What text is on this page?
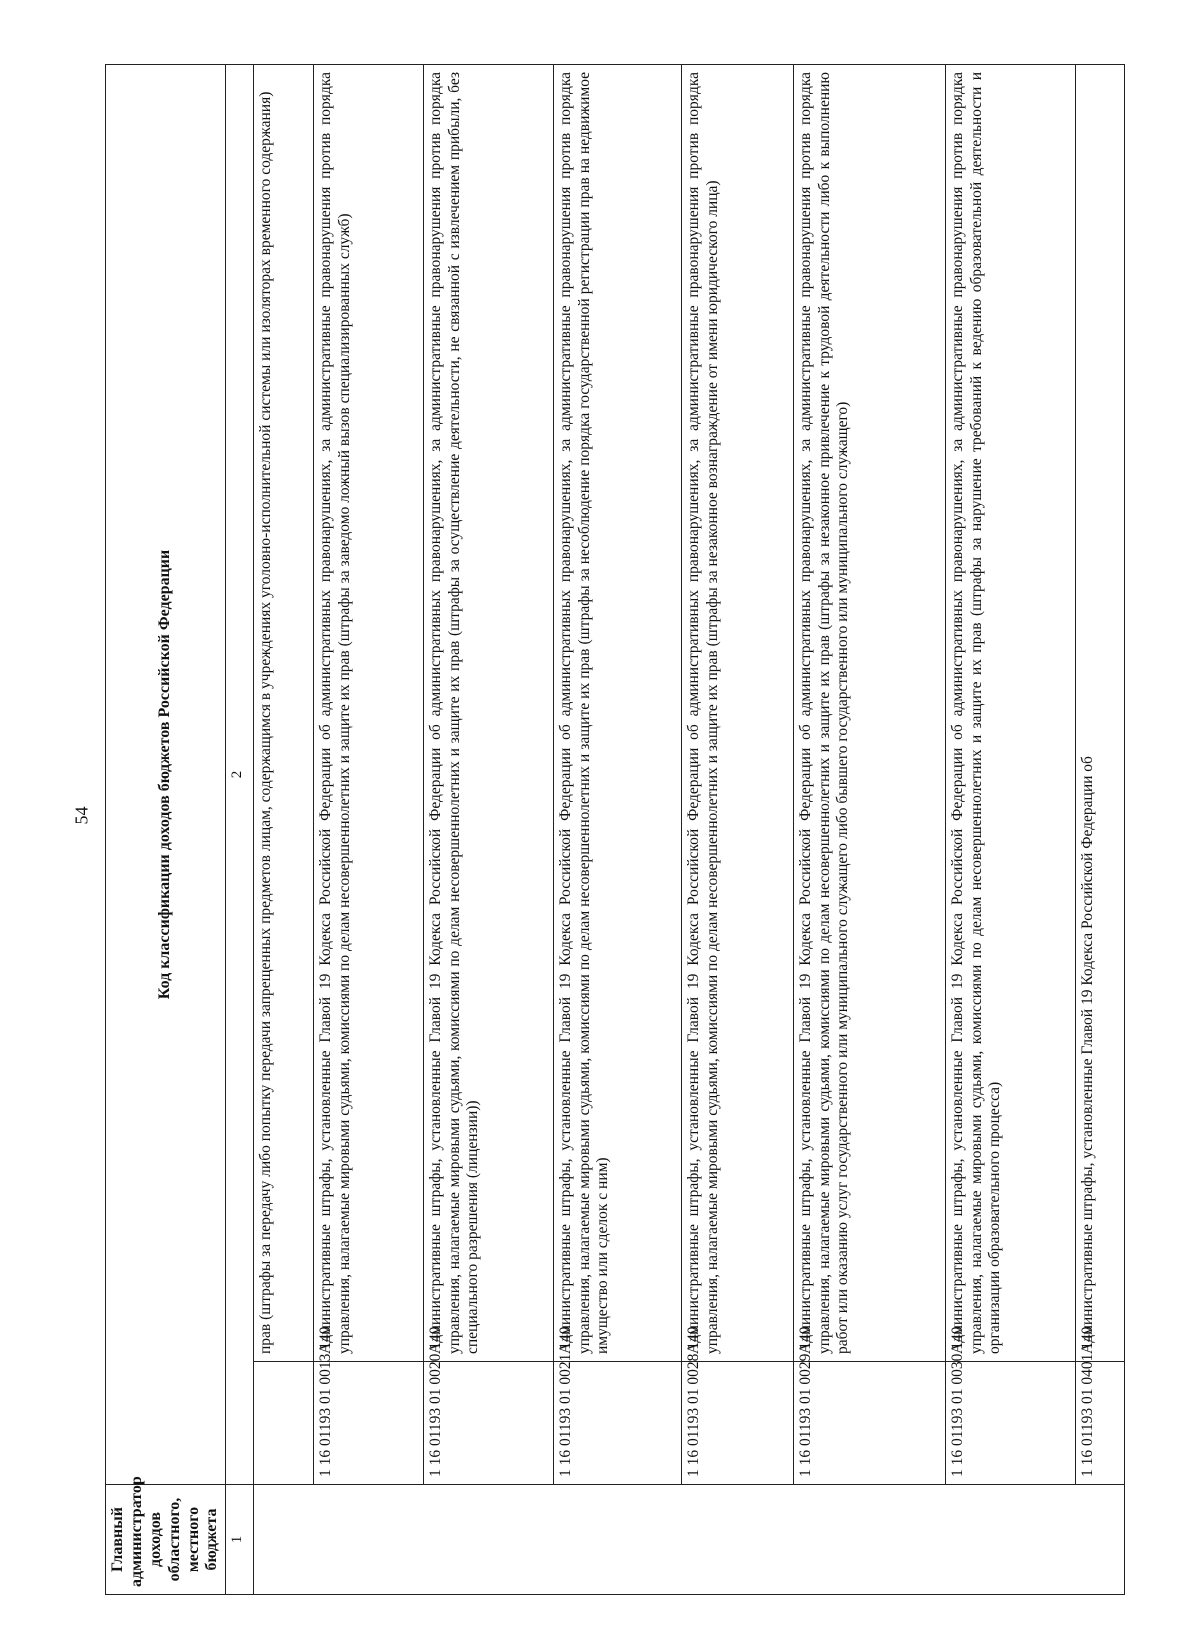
54
Главный администратор доходов областного, местного бюджета	Код классификации доходов бюджетов Российской Федерации	
1	2	
		прав (штрафы за передачу либо попытку передачи запрещенных предметов лицам, содержащимся в учреждениях уголовно-исполнительной системы или изоляторах временного содержания)
	1 16 01193 01 0013 140	Административные штрафы, установленные Главой 19 Кодекса Российской Федерации об административных правонарушениях, за административные правонарушения против порядка управления, налагаемые мировыми судьями, комиссиями по делам несовершеннолетних и защите их прав (штрафы за заведомо ложный вызов специализированных служб)
	1 16 01193 01 0020 140	Административные штрафы, установленные Главой 19 Кодекса Российской Федерации об административных правонарушениях, за административные правонарушения против порядка управления, налагаемые мировыми судьями, комиссиями по делам несовершеннолетних и защите их прав (штрафы за осуществление деятельности, не связанной с извлечением прибыли, без специального разрешения (лицензии))
	1 16 01193 01 0021 140	Административные штрафы, установленные Главой 19 Кодекса Российской Федерации об административных правонарушениях, за административные правонарушения против порядка управления, налагаемые мировыми судьями, комиссиями по делам несовершеннолетних и защите их прав (штрафы за несоблюдение порядка государственной регистрации прав на недвижимое имущество или сделок с ним)
	1 16 01193 01 0028 140	Административные штрафы, установленные Главой 19 Кодекса Российской Федерации об административных правонарушениях, за административные правонарушения против порядка управления, налагаемые мировыми судьями, комиссиями по делам несовершеннолетних и защите их прав (штрафы за незаконное вознаграждение от имени юридического лица)
	1 16 01193 01 0029 140	Административные штрафы, установленные Главой 19 Кодекса Российской Федерации об административных правонарушениях, за административные правонарушения против порядка управления, налагаемые мировыми судьями, комиссиями по делам несовершеннолетних и защите их прав (штрафы за незаконное привлечение к трудовой деятельности либо к выполнению работ или оказанию услуг государственного или муниципального служащего либо бывшего государственного или муниципального служащего)
	1 16 01193 01 0030 140	Административные штрафы, установленные Главой 19 Кодекса Российской Федерации об административных правонарушениях, за административные правонарушения против порядка управления, налагаемые мировыми судьями, комиссиями по делам несовершеннолетних и защите их прав (штрафы за нарушение требований к ведению образовательной деятельности и организации образовательного процесса)
	1 16 01193 01 0401 140	Административные штрафы, установленные Главой 19 Кодекса Российской Федерации об
